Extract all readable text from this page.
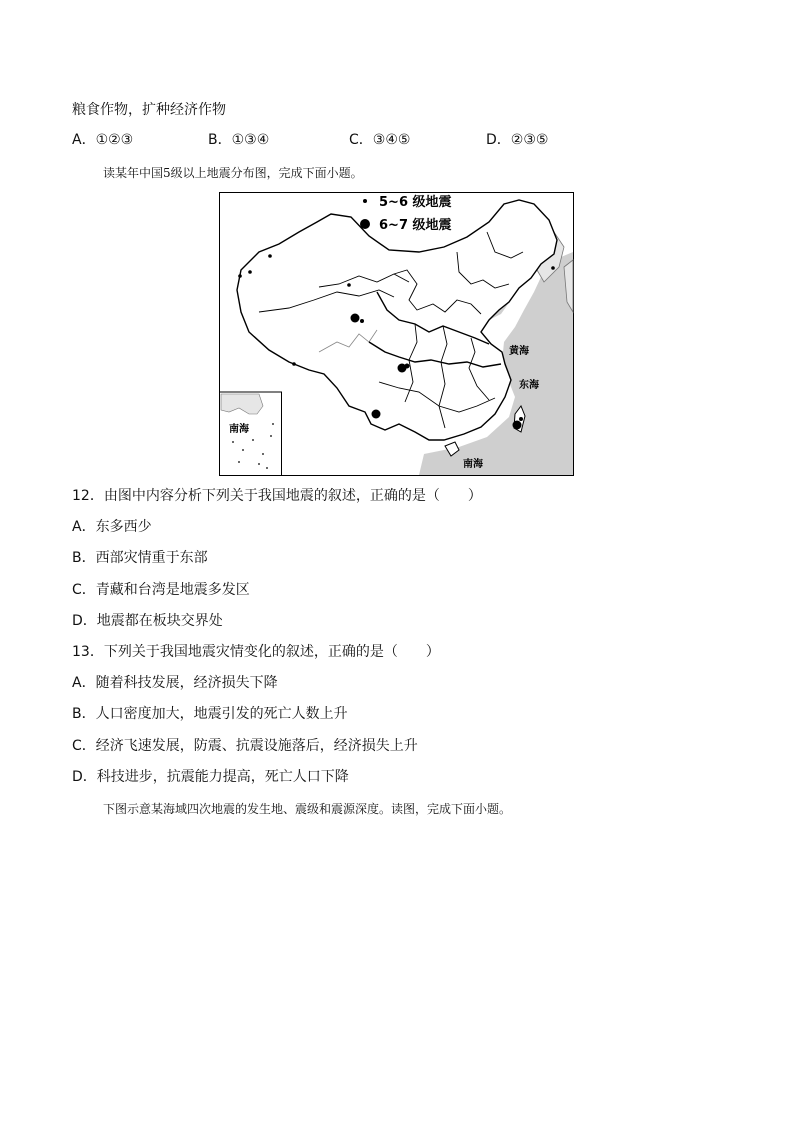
粮食作物，扩种经济作物
A．①②③	B．①③④	C．③④⑤	D．②③⑤
读某年中国5级以上地震分布图，完成下面小题。
5~6 级地震
6~7 级地震
黄海
东海
南海
南海
12．由图中内容分析下列关于我国地震的叙述，正确的是（　　）
A．东多西少
B．西部灾情重于东部
C．青藏和台湾是地震多发区
D．地震都在板块交界处
13．下列关于我国地震灾情变化的叙述，正确的是（　　）
A．随着科技发展，经济损失下降
B．人口密度加大，地震引发的死亡人数上升
C．经济飞速发展，防震、抗震设施落后，经济损失上升
D．科技进步，抗震能力提高，死亡人口下降
下图示意某海域四次地震的发生地、震级和震源深度。读图，完成下面小题。
